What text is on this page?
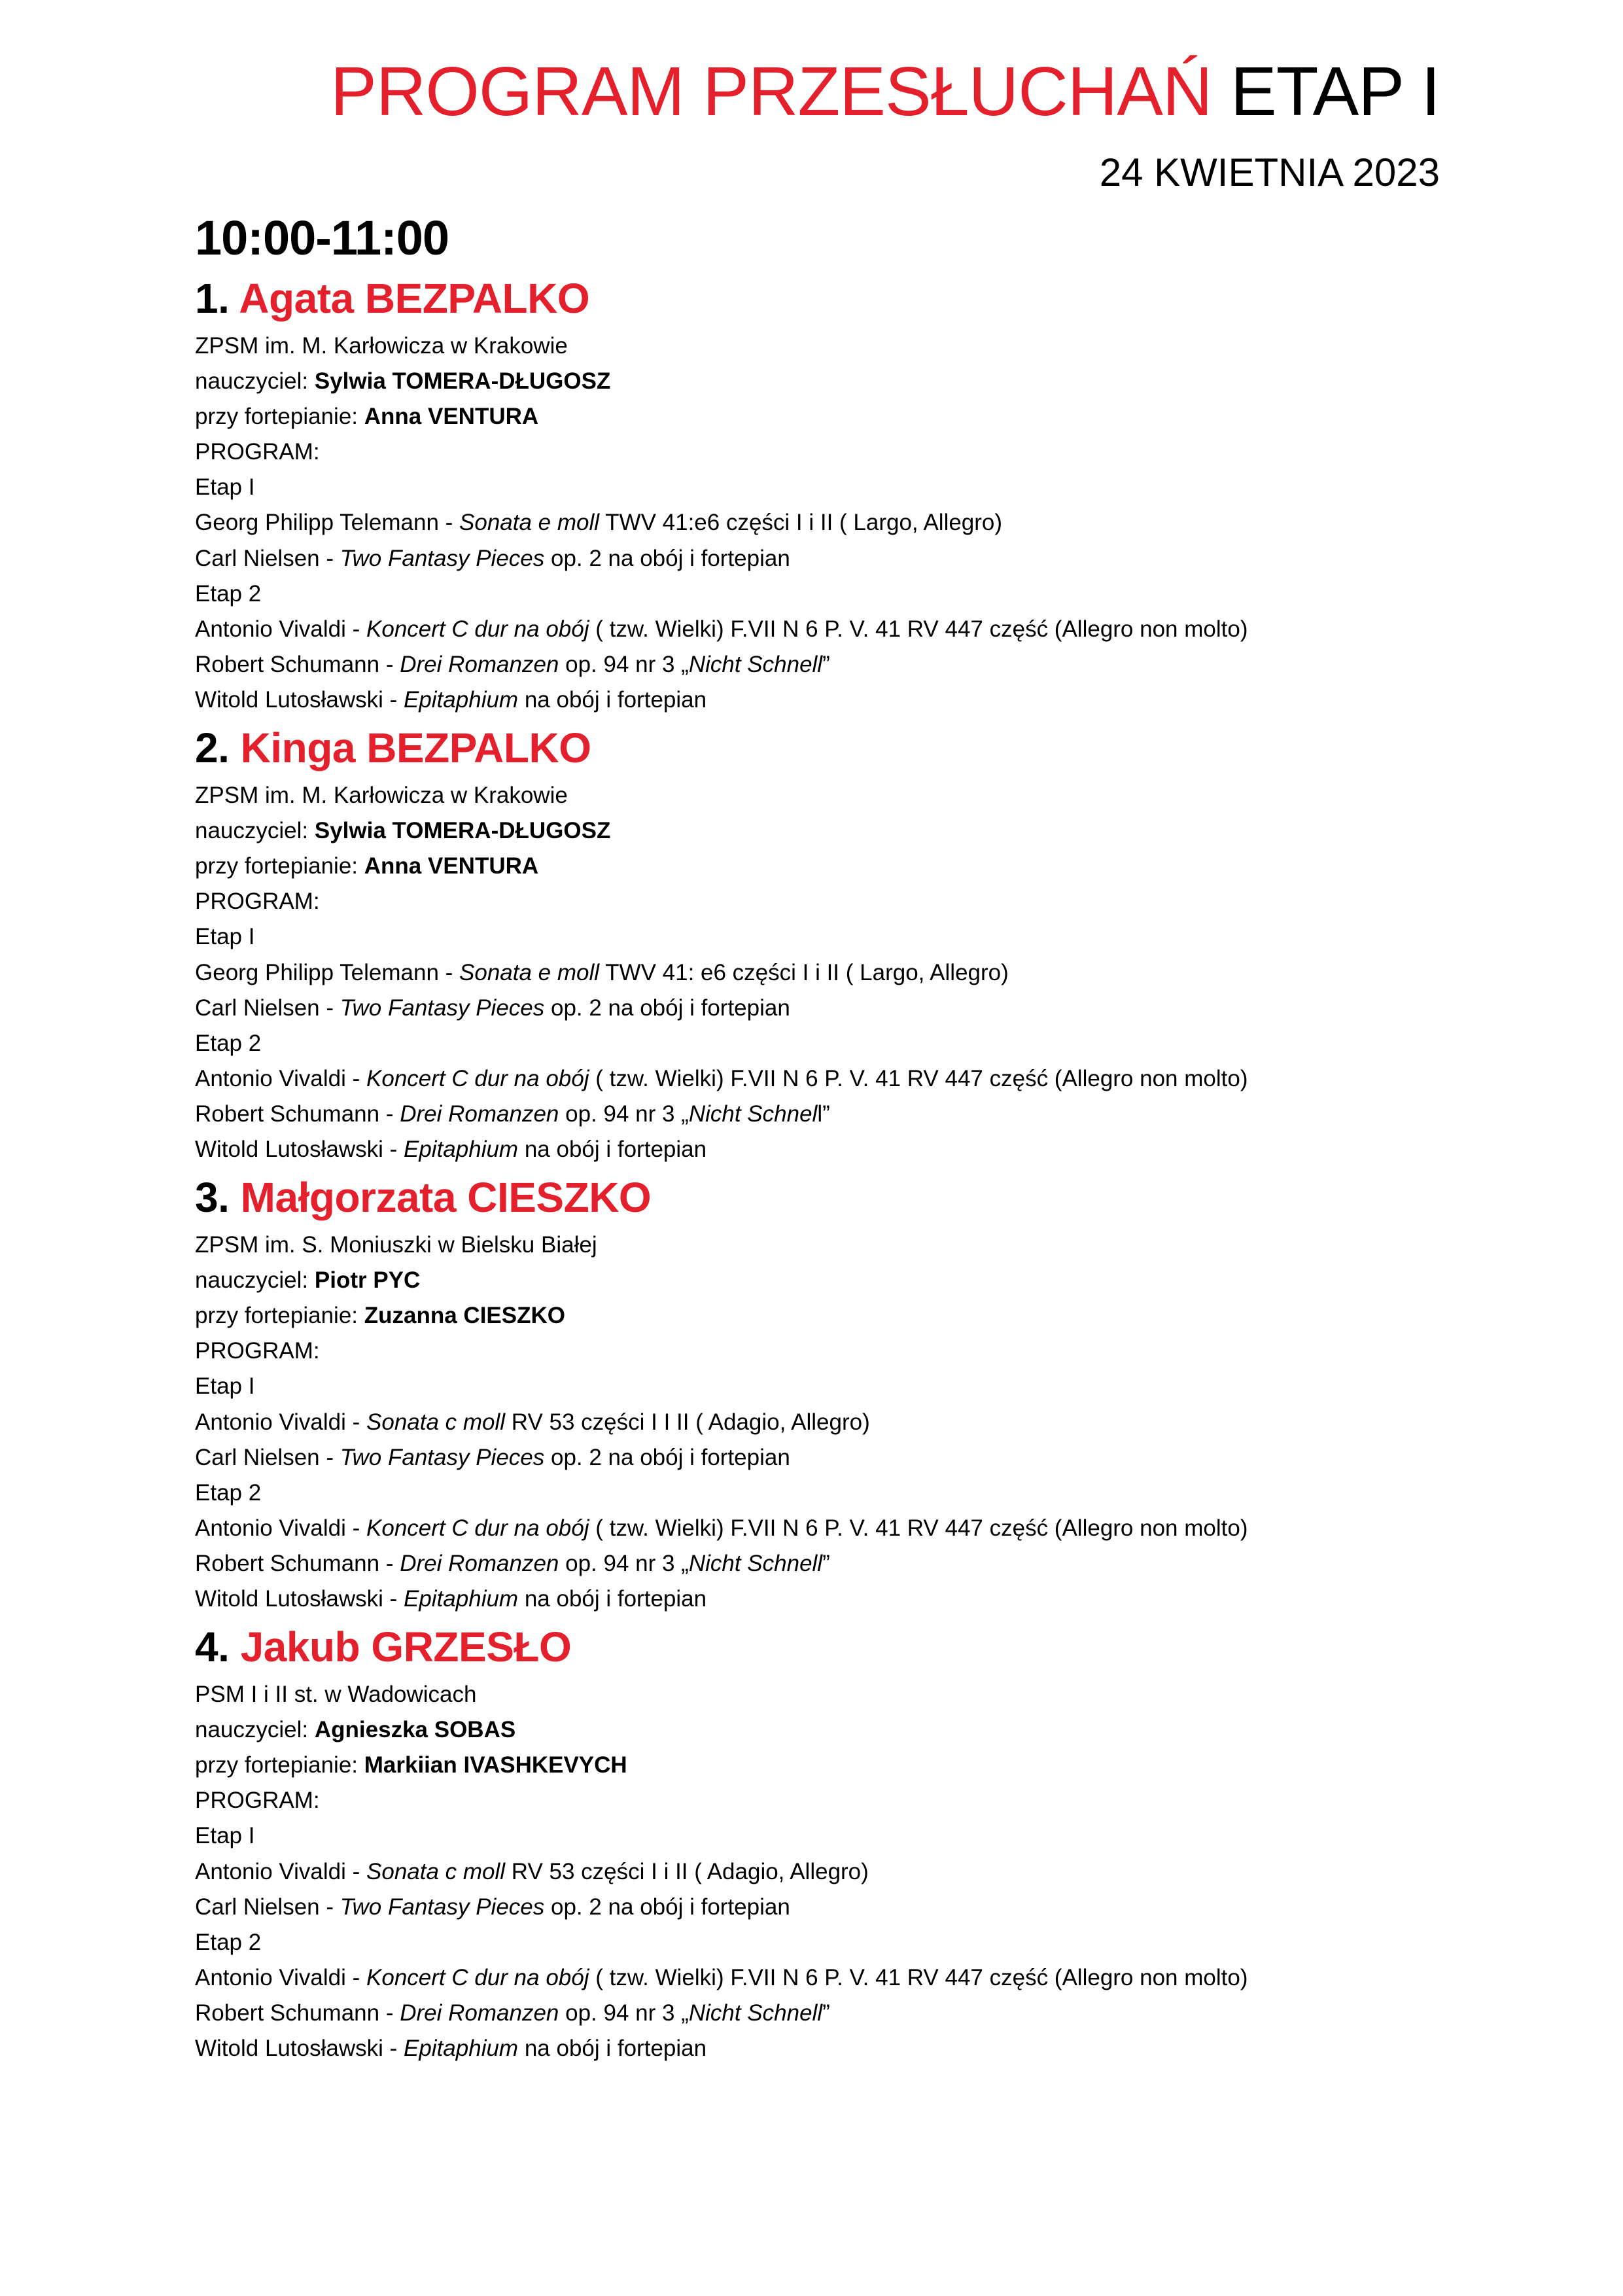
PROGRAM PRZESŁUCHAŃ ETAP I
24 KWIETNIA 2023
10:00-11:00
1. Agata BEZPALKO
ZPSM im. M. Karłowicza w Krakowie
nauczyciel: Sylwia TOMERA-DŁUGOSZ
przy fortepianie: Anna VENTURA
PROGRAM:
Etap I
Georg Philipp Telemann - Sonata e moll TWV 41:e6 części I i II ( Largo, Allegro)
Carl Nielsen - Two Fantasy Pieces op. 2 na obój i fortepian
Etap 2
Antonio Vivaldi - Koncert C dur na obój ( tzw. Wielki) F.VII N 6 P. V. 41 RV 447 część (Allegro non molto)
Robert Schumann - Drei Romanzen op. 94 nr 3 „Nicht Schnell”
Witold Lutosławski - Epitaphium na obój i fortepian
2. Kinga BEZPALKO
ZPSM im. M. Karłowicza w Krakowie
nauczyciel: Sylwia TOMERA-DŁUGOSZ
przy fortepianie: Anna VENTURA
PROGRAM:
Etap I
Georg Philipp Telemann - Sonata e moll TWV 41: e6 części I i II ( Largo, Allegro)
Carl Nielsen - Two Fantasy Pieces op. 2 na obój i fortepian
Etap 2
Antonio Vivaldi - Koncert C dur na obój ( tzw. Wielki) F.VII N 6 P. V. 41 RV 447 część (Allegro non molto)
Robert Schumann - Drei Romanzen op. 94 nr 3 „Nicht Schnell”
Witold Lutosławski - Epitaphium na obój i fortepian
3. Małgorzata CIESZKO
ZPSM im. S. Moniuszki w Bielsku Białej
nauczyciel: Piotr PYC
przy fortepianie: Zuzanna CIESZKO
PROGRAM:
Etap I
Antonio Vivaldi - Sonata c moll RV 53 części I I II ( Adagio, Allegro)
Carl Nielsen - Two Fantasy Pieces op. 2 na obój i fortepian
Etap 2
Antonio Vivaldi - Koncert C dur na obój ( tzw. Wielki) F.VII N 6 P. V. 41 RV 447 część (Allegro non molto)
Robert Schumann - Drei Romanzen op. 94 nr 3 „Nicht Schnell”
Witold Lutosławski - Epitaphium na obój i fortepian
4. Jakub GRZESŁO
PSM I i II st. w Wadowicach
nauczyciel: Agnieszka SOBAS
przy fortepianie: Markiian IVASHKEVYCH
PROGRAM:
Etap I
Antonio Vivaldi - Sonata c moll RV 53 części I i II ( Adagio, Allegro)
Carl Nielsen - Two Fantasy Pieces op. 2 na obój i fortepian
Etap 2
Antonio Vivaldi - Koncert C dur na obój ( tzw. Wielki) F.VII N 6 P. V. 41 RV 447 część (Allegro non molto)
Robert Schumann - Drei Romanzen op. 94 nr 3 „Nicht Schnell”
Witold Lutosławski - Epitaphium na obój i fortepian
